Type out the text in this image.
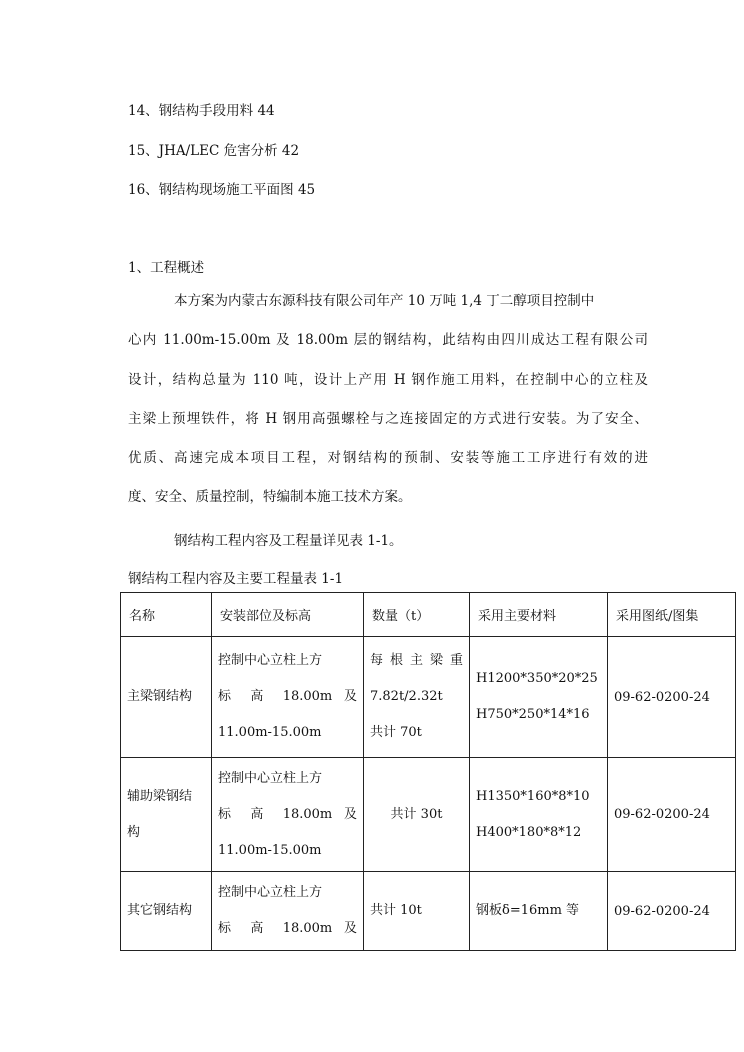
14、钢结构手段用料 44
15、JHA/LEC 危害分析 42
16、钢结构现场施工平面图 45
1、工程概述
本方案为内蒙古东源科技有限公司年产 10 万吨 1,4 丁二醇项目控制中
心内 11.00m-15.00m 及 18.00m 层的钢结构，此结构由四川成达工程有限公司
设计，结构总量为 110 吨，设计上产用 H 钢作施工用料，在控制中心的立柱及
主梁上预埋铁件，将 H 钢用高强螺栓与之连接固定的方式进行安装。为了安全、
优质、高速完成本项目工程，对钢结构的预制、安装等施工工序进行有效的进
度、安全、质量控制，特编制本施工技术方案。
钢结构工程内容及工程量详见表 1-1。
钢结构工程内容及主要工程量表 1-1
名称	安装部位及标高	数量（t）	采用主要材料	采用图纸/图集

主梁钢结构	控制中心立柱上方
标 高 18.00m 及
11.00m-15.00m	每根主梁重
7.82t/2.32t
共计 70t	H1200*350*20*25
H750*250*14*16	09-62-0200-24

辅助梁钢结
构	控制中心立柱上方
标 高 18.00m 及
11.00m-15.00m	共计 30t	H1350*160*8*10
H400*180*8*12	09-62-0200-24

其它钢结构	控制中心立柱上方
标 高 18.00m 及	共计 10t	钢板δ=16mm 等	09-62-0200-24
